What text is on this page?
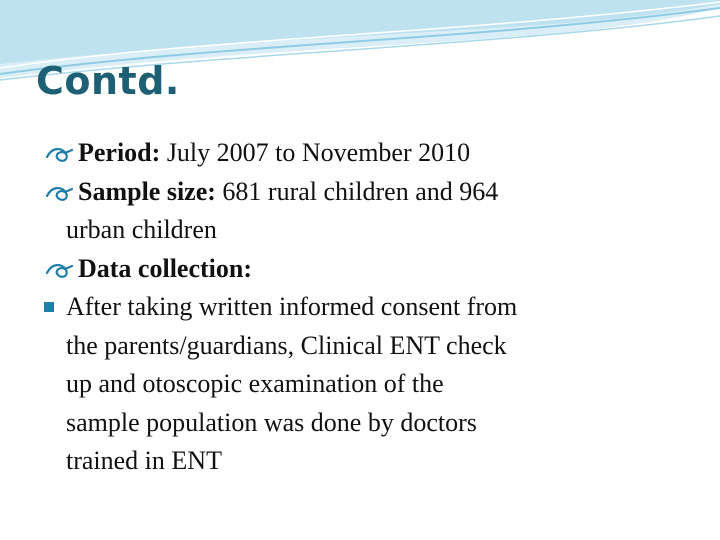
Contd.
Period: July 2007 to November 2010
Sample size: 681 rural children and 964
urban children
Data collection:
After taking written informed consent from
the parents/guardians, Clinical ENT check
up and otoscopic examination of the
sample population was done by doctors
trained in ENT
